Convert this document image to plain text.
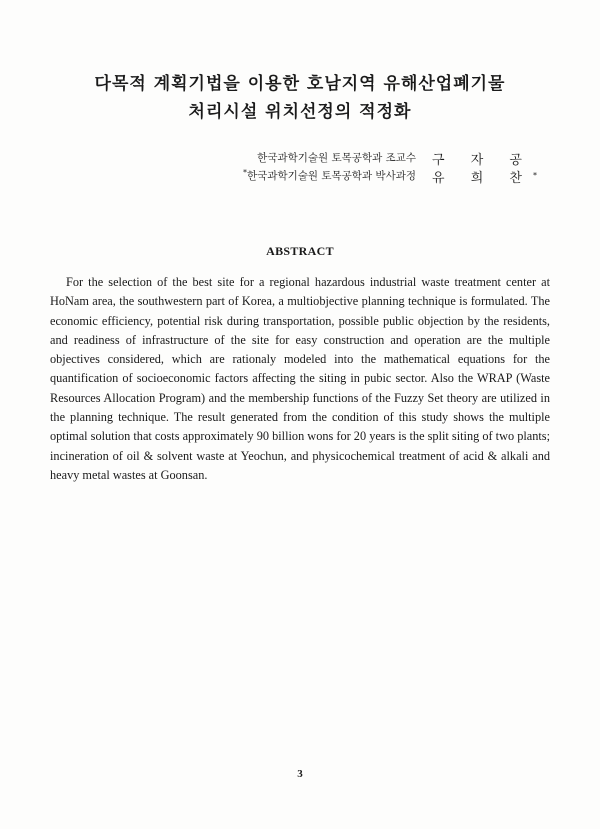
다목적 계획기법을 이용한 호남지역 유해산업폐기물
처리시설 위치선정의 적정화
한국과학기술원 토목공학과 조교수 구 자 공
*한국과학기술원 토목공학과 박사과정 유 희 찬*
ABSTRACT

For the selection of the best site for a regional hazardous industrial waste treatment center at HoNam area, the southwestern part of Korea, a multiobjective planning technique is formulated. The economic efficiency, potential risk during transportation, possible public objection by the residents, and readiness of infrastructure of the site for easy construction and operation are the multiple objectives considered, which are rationaly modeled into the mathematical equations for the quantification of socioeconomic factors affecting the siting in pubic sector. Also the WRAP (Waste Resources Allocation Program) and the membership functions of the Fuzzy Set theory are utilized in the planning technique. The result generated from the condition of this study shows the multiple optimal solution that costs approximately 90 billion wons for 20 years is the split siting of two plants; incineration of oil & solvent waste at Yeochun, and physicochemical treatment of acid & alkali and heavy metal wastes at Goonsan.

3
